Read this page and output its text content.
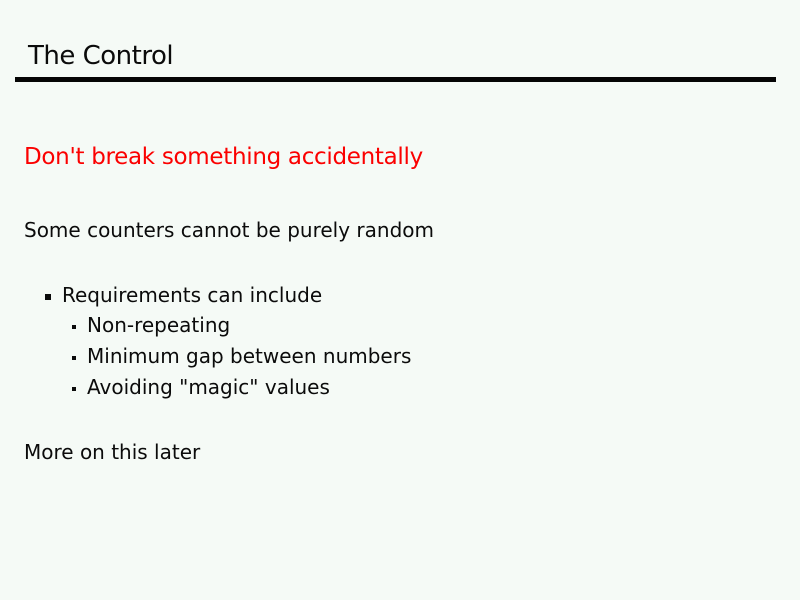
The Control
Don't break something accidentally
Some counters cannot be purely random
Requirements can include
Non-repeating
Minimum gap between numbers
Avoiding "magic" values
More on this later
